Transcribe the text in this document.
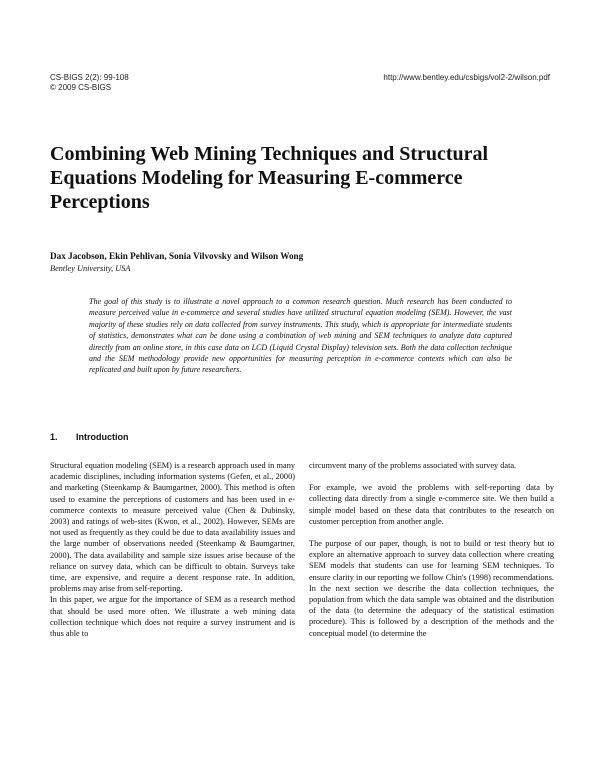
CS-BIGS 2(2): 99-108
© 2009 CS-BIGS
http://www.bentley.edu/csbigs/vol2-2/wilson.pdf
Combining Web Mining Techniques and Structural Equations Modeling for Measuring E-commerce Perceptions
Dax Jacobson, Ekin Pehlivan, Sonia Vilvovsky and Wilson Wong
Bentley University, USA

The goal of this study is to illustrate a novel approach to a common research question. Much research has been conducted to measure perceived value in e-commerce and several studies have utilized structural equation modeling (SEM). However, the vast majority of these studies rely on data collected from survey instruments. This study, which is appropriate for intermediate students of statistics, demonstrates what can be done using a combination of web mining and SEM techniques to analyze data captured directly from an online store, in this case data on LCD (Liquid Crystal Display) television sets. Both the data collection technique and the SEM methodology provide new opportunities for measuring perception in e-commerce contexts which can also be replicated and built upon by future researchers.

1. Introduction

Structural equation modeling (SEM) is a research approach used in many academic disciplines, including information systems (Gefen, et al., 2000) and marketing (Steenkamp & Baumgartner, 2000). This method is often used to examine the perceptions of customers and has been used in e-commerce contexts to measure perceived value (Chen & Dubinsky, 2003) and ratings of web-sites (Kwon, et al., 2002). However, SEMs are not used as frequently as they could be due to data availability issues and the large number of observations needed (Steenkamp & Baumgartner, 2000). The data availability and sample size issues arise because of the reliance on survey data, which can be difficult to obtain. Surveys take time, are expensive, and require a decent response rate. In addition, problems may arise from self-reporting.

In this paper, we argue for the importance of SEM as a research method that should be used more often. We illustrate a web mining data collection technique which does not require a survey instrument and is thus able to

circumvent many of the problems associated with survey data.

For example, we avoid the problems with self-reporting data by collecting data directly from a single e-commerce site. We then build a simple model based on these data that contributes to the research on customer perception from another angle.

The purpose of our paper, though, is not to build or test theory but to explore an alternative approach to survey data collection where creating SEM models that students can use for learning SEM techniques. To ensure clarity in our reporting we follow Chin's (1998) recommendations. In the next section we describe the data collection techniques, the population from which the data sample was obtained and the distribution of the data (to determine the adequacy of the statistical estimation procedure). This is followed by a description of the methods and the conceptual model (to determine the
